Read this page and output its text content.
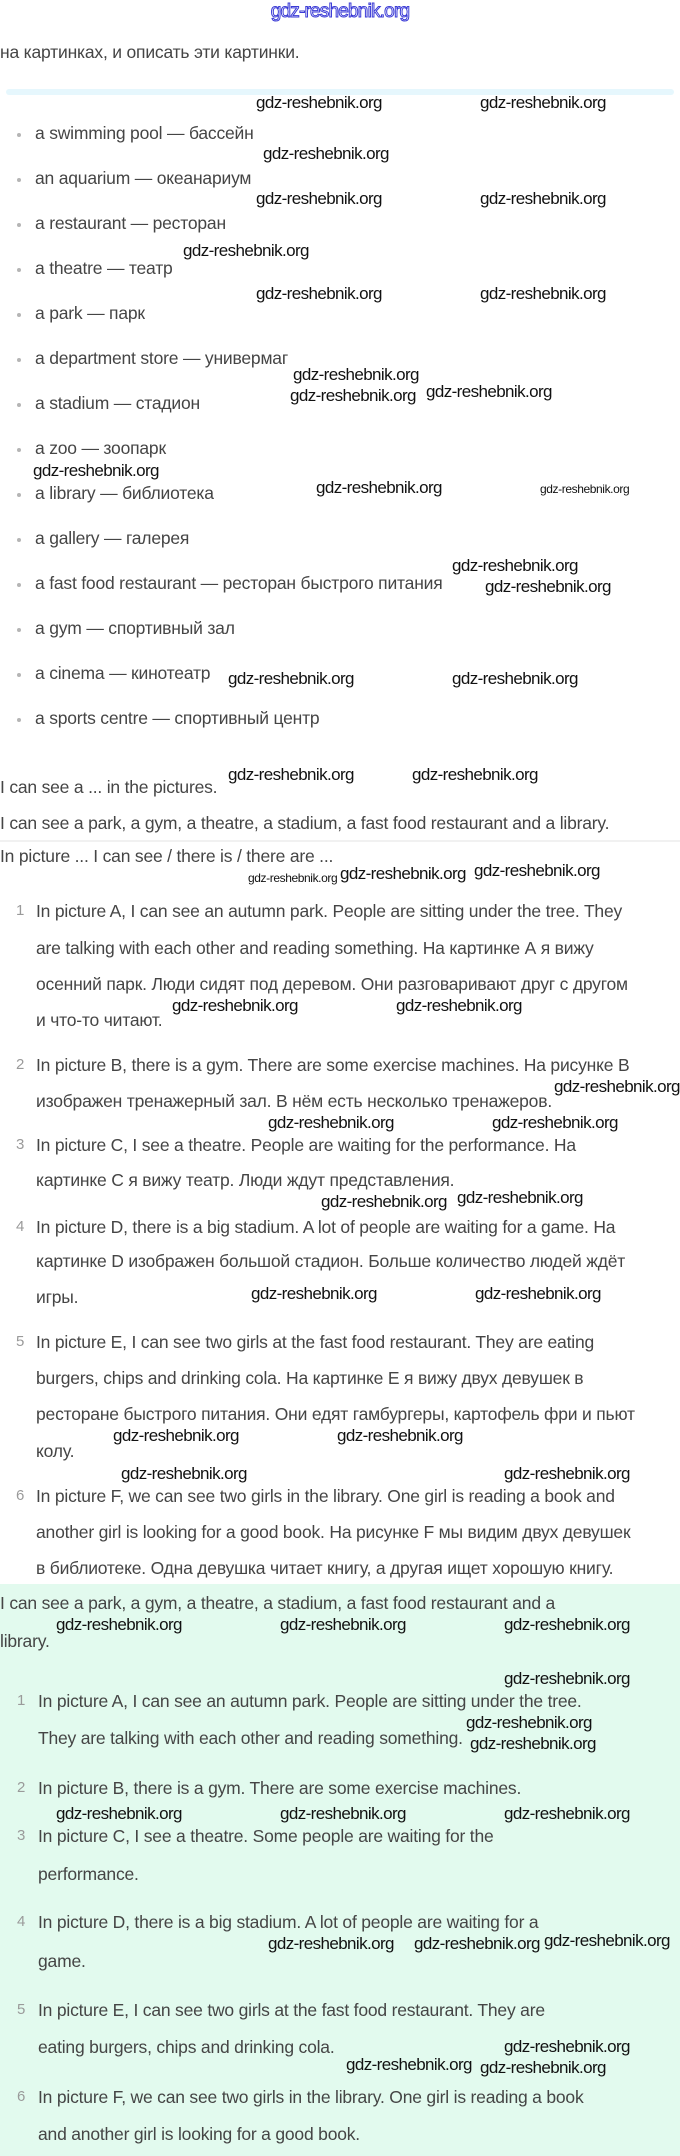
gdz-reshebnik.org
на картинках, и описать эти картинки.
a swimming pool — бассейн
an aquarium — океанариум
a restaurant — ресторан
a theatre — театр
a park — парк
a department store — универмаг
a stadium — стадион
a zoo — зоопарк
a library — библиотека
a gallery — галерея
a fast food restaurant — ресторан быстрого питания
a gym — спортивный зал
a cinema — кинотеатр
a sports centre — спортивный центр
I can see a ... in the pictures.
I can see a park, a gym, a theatre, a stadium, a fast food restaurant and a library.
In picture ... I can see / there is / there are ...
1 In picture A, I can see an autumn park. People are sitting under the tree. They
are talking with each other and reading something. На картинке А я вижу
осенний парк. Люди сидят под деревом. Они разговаривают друг с другом
и что-то читают.
2 In picture B, there is a gym. There are some exercise machines. На рисунке В
изображен тренажерный зал. В нём есть несколько тренажеров.
3 In picture C, I see a theatre. People are waiting for the performance. На
картинке С я вижу театр. Люди ждут представления.
4 In picture D, there is a big stadium. A lot of people are waiting for a game. На
картинке D изображен большой стадион. Больше количество людей ждёт
игры.
5 In picture E, I can see two girls at the fast food restaurant. They are eating
burgers, chips and drinking cola. На картинке Е я вижу двух девушек в
ресторане быстрого питания. Они едят гамбургеры, картофель фри и пьют
колу.
6 In picture F, we can see two girls in the library. One girl is reading a book and
another girl is looking for a good book. На рисунке F мы видим двух девушек
в библиотеке. Одна девушка читает книгу, а другая ищет хорошую книгу.
I can see a park, a gym, a theatre, a stadium, a fast food restaurant and a
library.
1 In picture A, I can see an autumn park. People are sitting under the tree.
They are talking with each other and reading something.
2 In picture B, there is a gym. There are some exercise machines.
3 In picture C, I see a theatre. Some people are waiting for the
performance.
4 In picture D, there is a big stadium. A lot of people are waiting for a
game.
5 In picture E, I can see two girls at the fast food restaurant. They are
eating burgers, chips and drinking cola.
6 In picture F, we can see two girls in the library. One girl is reading a book
and another girl is looking for a good book.
gdz-reshebnik.org	gdz-reshebnik.org
gdz-reshebnik.org
gdz-reshebnik.org	gdz-reshebnik.org
gdz-reshebnik.org
gdz-reshebnik.org	gdz-reshebnik.org
gdz-reshebnik.org
gdz-reshebnik.org
gdz-reshebnik.org
gdz-reshebnik.org
gdz-reshebnik.org	gdz-reshebnik.org
gdz-reshebnik.org
gdz-reshebnik.org
gdz-reshebnik.org	gdz-reshebnik.org
gdz-reshebnik.org	gdz-reshebnik.org
gdz-reshebnik.org gdz-reshebnik.org
gdz-reshebnik.org
gdz-reshebnik.org	gdz-reshebnik.org
gdz-reshebnik.org
gdz-reshebnik.org	gdz-reshebnik.org
gdz-reshebnik.org
gdz-reshebnik.org
gdz-reshebnik.org	gdz-reshebnik.org
gdz-reshebnik.org	gdz-reshebnik.org
gdz-reshebnik.org	gdz-reshebnik.org
gdz-reshebnik.org	gdz-reshebnik.org	gdz-reshebnik.org
gdz-reshebnik.org
gdz-reshebnik.org
gdz-reshebnik.org
gdz-reshebnik.org	gdz-reshebnik.org	gdz-reshebnik.org
gdz-reshebnik.org
gdz-reshebnik.org gdz-reshebnik.org
gdz-reshebnik.org
gdz-reshebnik.org gdz-reshebnik.org
